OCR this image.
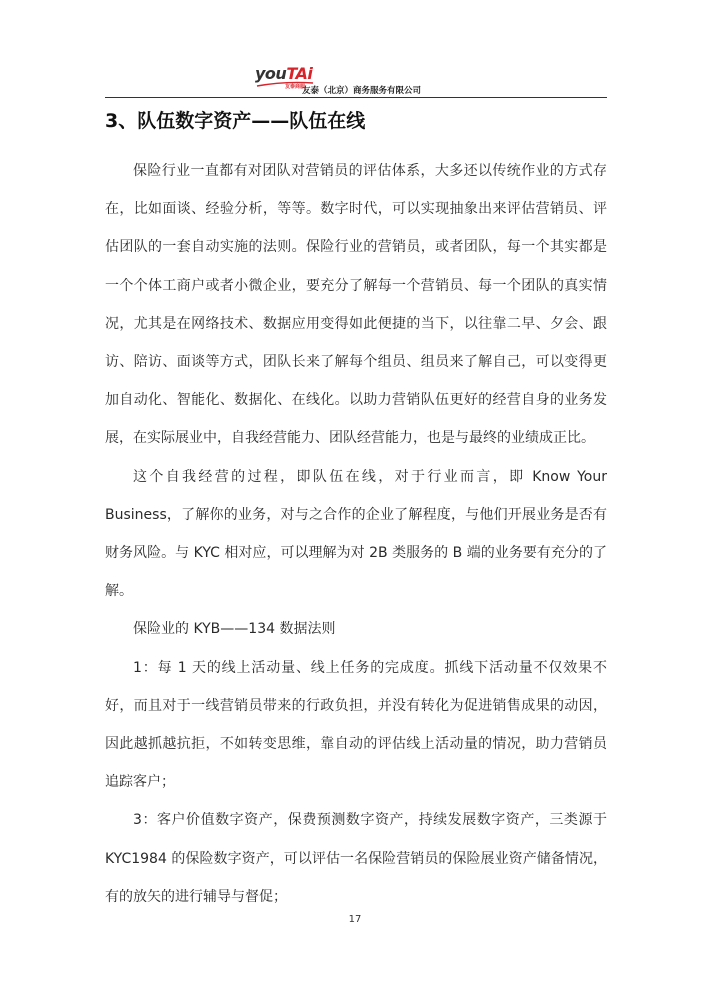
youTAi
友泰商服
友泰（北京）商务服务有限公司
3、队伍数字资产——队伍在线

保险行业一直都有对团队对营销员的评估体系，大多还以传统作业的方式存在，比如面谈、经验分析，等等。数字时代，可以实现抽象出来评估营销员、评估团队的一套自动实施的法则。保险行业的营销员，或者团队，每一个其实都是一个个体工商户或者小微企业，要充分了解每一个营销员、每一个团队的真实情况，尤其是在网络技术、数据应用变得如此便捷的当下，以往靠二早、夕会、跟访、陪访、面谈等方式，团队长来了解每个组员、组员来了解自己，可以变得更加自动化、智能化、数据化、在线化。以助力营销队伍更好的经营自身的业务发展，在实际展业中，自我经营能力、团队经营能力，也是与最终的业绩成正比。

这个自我经营的过程，即队伍在线，对于行业而言，即 Know Your Business，了解你的业务，对与之合作的企业了解程度，与他们开展业务是否有财务风险。与 KYC 相对应，可以理解为对 2B 类服务的 B 端的业务要有充分的了解。

保险业的 KYB——134 数据法则

1：每 1 天的线上活动量、线上任务的完成度。抓线下活动量不仅效果不好，而且对于一线营销员带来的行政负担，并没有转化为促进销售成果的动因，因此越抓越抗拒，不如转变思维，靠自动的评估线上活动量的情况，助力营销员追踪客户；

3：客户价值数字资产，保费预测数字资产，持续发展数字资产，三类源于 KYC1984 的保险数字资产，可以评估一名保险营销员的保险展业资产储备情况，有的放矢的进行辅导与督促；

17
